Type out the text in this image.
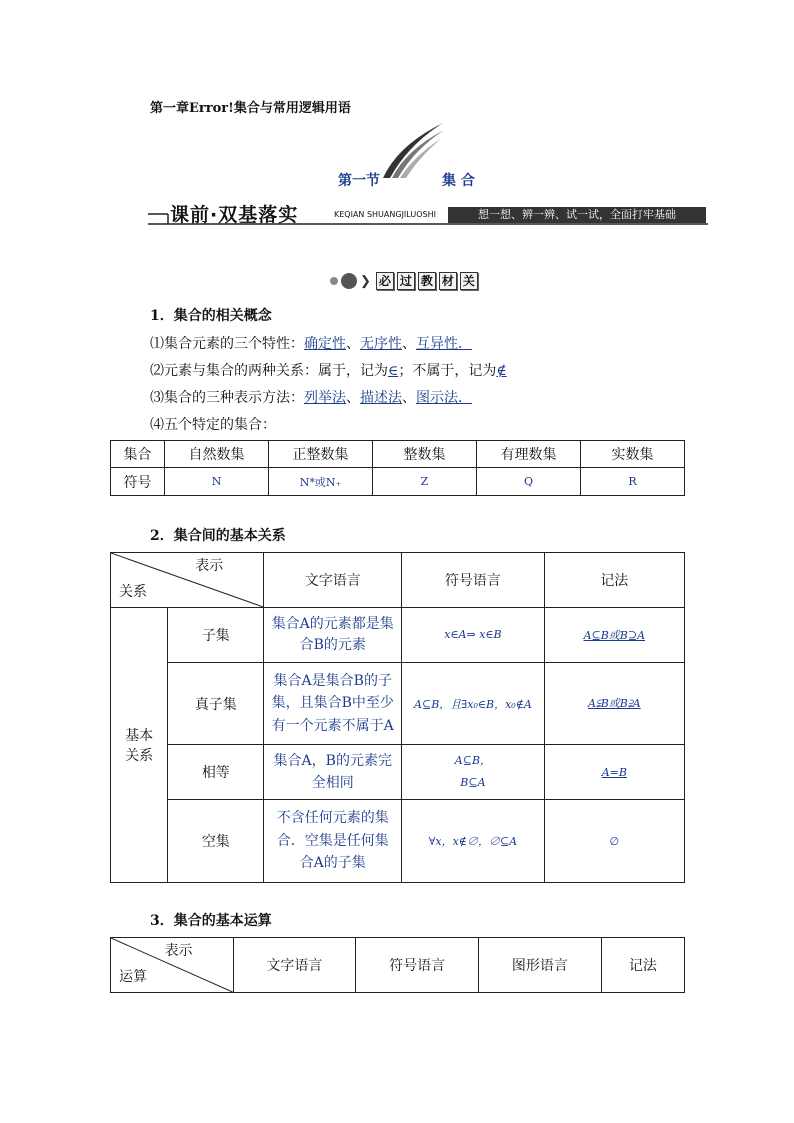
第一章Error!集合与常用逻辑用语
第一节	集 合
课前·双基落实	KEQIAN SHUANGJILUOSHI	想一想、辨一辨、试一试，全面打牢基础
❯ 必 过 教 材 关
1．集合的相关概念
⑴集合元素的三个特性：确定性、无序性、互异性．
⑵元素与集合的两种关系：属于，记为∈；不属于，记为∉
⑶集合的三种表示方法：列举法、描述法、图示法．
⑷五个特定的集合：
集合	自然数集	正整数集	整数集	有理数集	实数集
符号	N	N*或N₊	Z	Q	R
2．集合间的基本关系
表示
关系		文字语言	符号语言	记法
基本关系	子集	集合A的元素都是集合B的元素	x∈A⇒ x∈B	A⊆B或B⊇A
	真子集	集合A是集合B的子集，且集合B中至少有一个元素不属于A	A⊆B，且∃x₀∈B，x₀∉A	A⫋B或B⫌A
	相等	集合A，B的元素完全相同	A⊆B， B⊆A	A=B
	空集	不含任何元素的集合．空集是任何集合A的子集	∀x，x∉∅，∅⊆A	∅
3．集合的基本运算
表示
运算
	文字语言	符号语言	图形语言	记法
